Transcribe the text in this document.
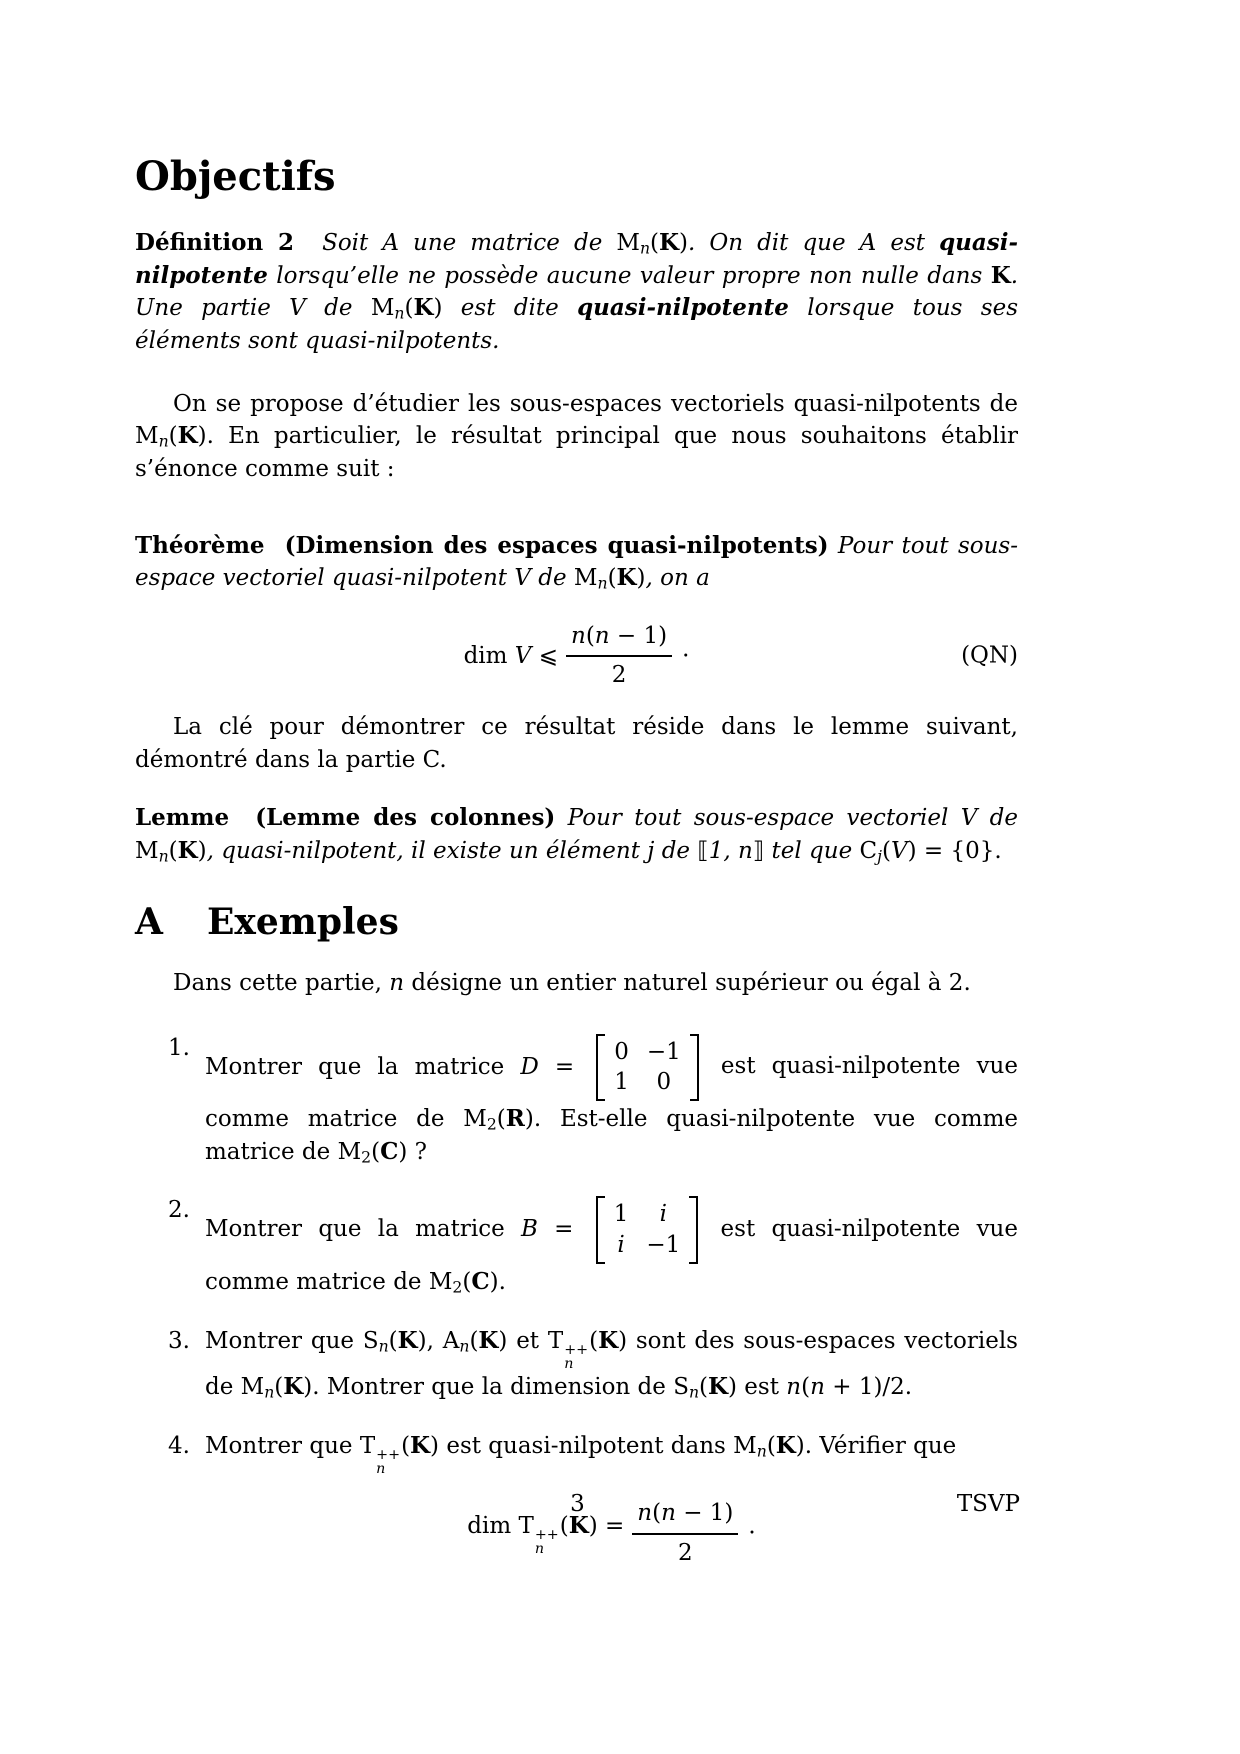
Objectifs

Définition 2 Soit A une matrice de Mn(K). On dit que A est quasi-nilpotente lorsqu’elle ne possède aucune valeur propre non nulle dans K. Une partie V de Mn(K) est dite quasi-nilpotente lorsque tous ses éléments sont quasi-nilpotents.

On se propose d’étudier les sous-espaces vectoriels quasi-nilpotents de Mn(K). En particulier, le résultat principal que nous souhaitons établir s’énonce comme suit :

Théorème  (Dimension des espaces quasi-nilpotents) Pour tout sous-espace vectoriel quasi-nilpotent V de Mn(K), on a

dim V ⩽ $\frac{n(n - 1)}{2}$ ·	(QN)

La clé pour démontrer ce résultat réside dans le lemme suivant, démontré dans la partie C.

Lemme  (Lemme des colonnes) Pour tout sous-espace vectoriel V de Mn(K), quasi-nilpotent, il existe un élément j de ⟦1, n⟧ tel que Cj(V) = {0}.

A Exemples

Dans cette partie, n désigne un entier naturel supérieur ou égal à 2.

1.
Montrer que la matrice D =
0 −1
1 0
est quasi-nilpotente vue comme matrice de M2(R). Est-elle quasi-nilpotente vue comme matrice de M2(C) ?
2.
Montrer que la matrice B =
1 i
i −1
est quasi-nilpotente vue comme matrice de M2(C).
3. Montrer que Sn(K), An(K) et T ++
n
(K) sont des sous-espaces vectoriels de Mn(K). Montrer que la dimension de Sn(K) est n(n + 1)/2.
4. Montrer que T ++
n
(K) est quasi-nilpotent dans Mn(K). Vérifier que
dim T ++
n
$(K) = \frac{n(n - 1)}{2}$ ·
3	TSVP
